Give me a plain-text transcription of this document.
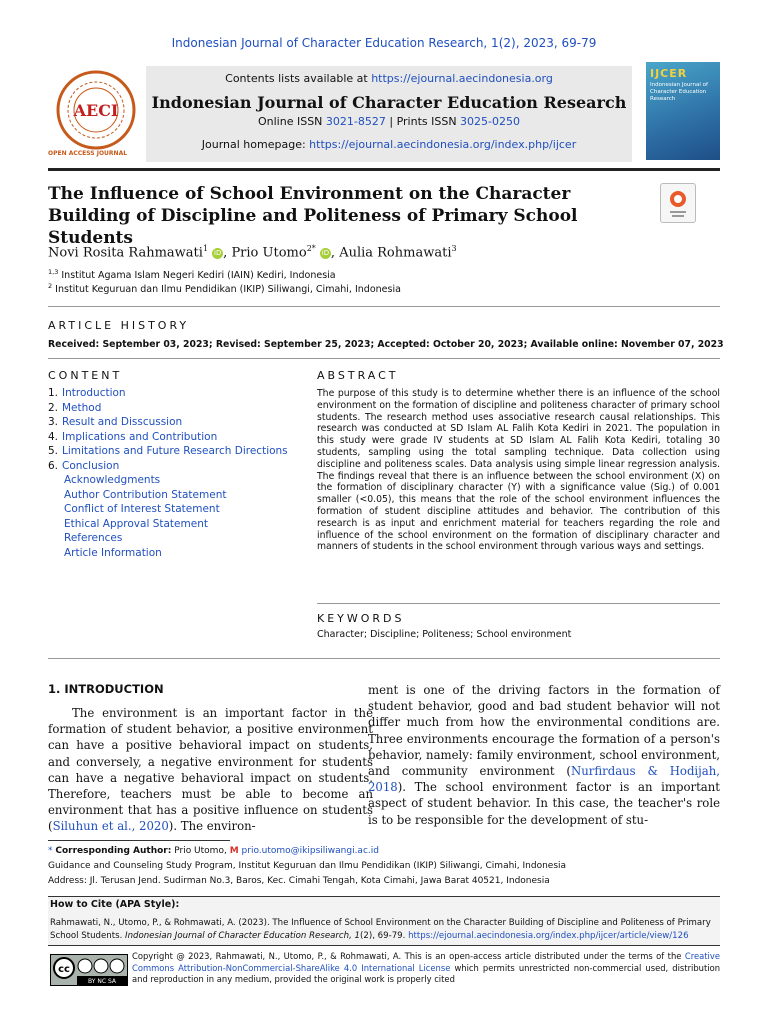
Indonesian Journal of Character Education Research, 1(2), 2023, 69-79
AECI
OPEN ACCESS JOURNAL
Contents lists available at https://ejournal.aecindonesia.org
Indonesian Journal of Character Education Research
Online ISSN 3021-8527 | Prints ISSN 3025-0250
Journal homepage: https://ejournal.aecindonesia.org/index.php/ijcer
IJCER
Indonesian Journal of Character Education Research
The Influence of School Environment on the Character Building of Discipline and Politeness of Primary School Students
Novi Rosita Rahmawati$^1$ iD , Prio Utomo$^{2*}$ iD , Aulia Rohmawati$^3$
$^{1,3}$ Institut Agama Islam Negeri Kediri (IAIN) Kediri, Indonesia
$^2$ Institut Keguruan dan Ilmu Pendidikan (IKIP) Siliwangi, Cimahi, Indonesia
ARTICLE HISTORY
Received: September 03, 2023; Revised: September 25, 2023; Accepted: October 20, 2023; Available online: November 07, 2023
CONTENT
1. Introduction
2. Method
3. Result and Disscussion
4. Implications and Contribution
5. Limitations and Future Research Directions
6. Conclusion
Acknowledgments
Author Contribution Statement
Conflict of Interest Statement
Ethical Approval Statement
References
Article Information
ABSTRACT
The purpose of this study is to determine whether there is an influence of the school environment on the formation of discipline and politeness character of primary school students. The research method uses associative research causal relationships. This research was conducted at SD Islam AL Falih Kota Kediri in 2021. The population in this study were grade IV students at SD Islam AL Falih Kota Kediri, totaling 30 students, sampling using the total sampling technique. Data collection using discipline and politeness scales. Data analysis using simple linear regression analysis. The findings reveal that there is an influence between the school environment (X) on the formation of disciplinary character (Y) with a significance value (Sig.) of 0.001 smaller (<0.05), this means that the role of the school environment influences the formation of student discipline attitudes and behavior. The contribution of this research is as input and enrichment material for teachers regarding the role and influence of the school environment on the formation of disciplinary character and manners of students in the school environment through various ways and settings.
KEYWORDS
Character; Discipline; Politeness; School environment
1. INTRODUCTION
The environment is an important factor in the formation of student behavior, a positive environment can have a positive behavioral impact on students, and conversely, a negative environment for students can have a negative behavioral impact on students. Therefore, teachers must be able to become an environment that has a positive influence on students (Siluhun et al., 2020). The environ-
ment is one of the driving factors in the formation of student behavior, good and bad student behavior will not differ much from how the environmental conditions are. Three environments encourage the formation of a person's behavior, namely: family environment, school environment, and community environment (Nurfirdaus & Hodijah, 2018). The school environment factor is an important aspect of student behavior. In this case, the teacher's role is to be responsible for the development of stu-
* Corresponding Author: Prio Utomo, M prio.utomo@ikipsiliwangi.ac.id
Guidance and Counseling Study Program, Institut Keguruan dan Ilmu Pendidikan (IKIP) Siliwangi, Cimahi, Indonesia
Address: Jl. Terusan Jend. Sudirman No.3, Baros, Kec. Cimahi Tengah, Kota Cimahi, Jawa Barat 40521, Indonesia
How to Cite (APA Style):
Rahmawati, N., Utomo, P., & Rohmawati, A. (2023). The Influence of School Environment on the Character Building of Discipline and Politeness of Primary School Students. Indonesian Journal of Character Education Research, 1(2), 69-79. https://ejournal.aecindonesia.org/index.php/ijcer/article/view/126
cc
BY NC SA
Copyright @ 2023, Rahmawati, N., Utomo, P., & Rohmawati, A. This is an open-access article distributed under the terms of the Creative Commons Attribution-NonCommercial-ShareAlike 4.0 International License which permits unrestricted non-commercial used, distribution and reproduction in any medium, provided the original work is properly cited
